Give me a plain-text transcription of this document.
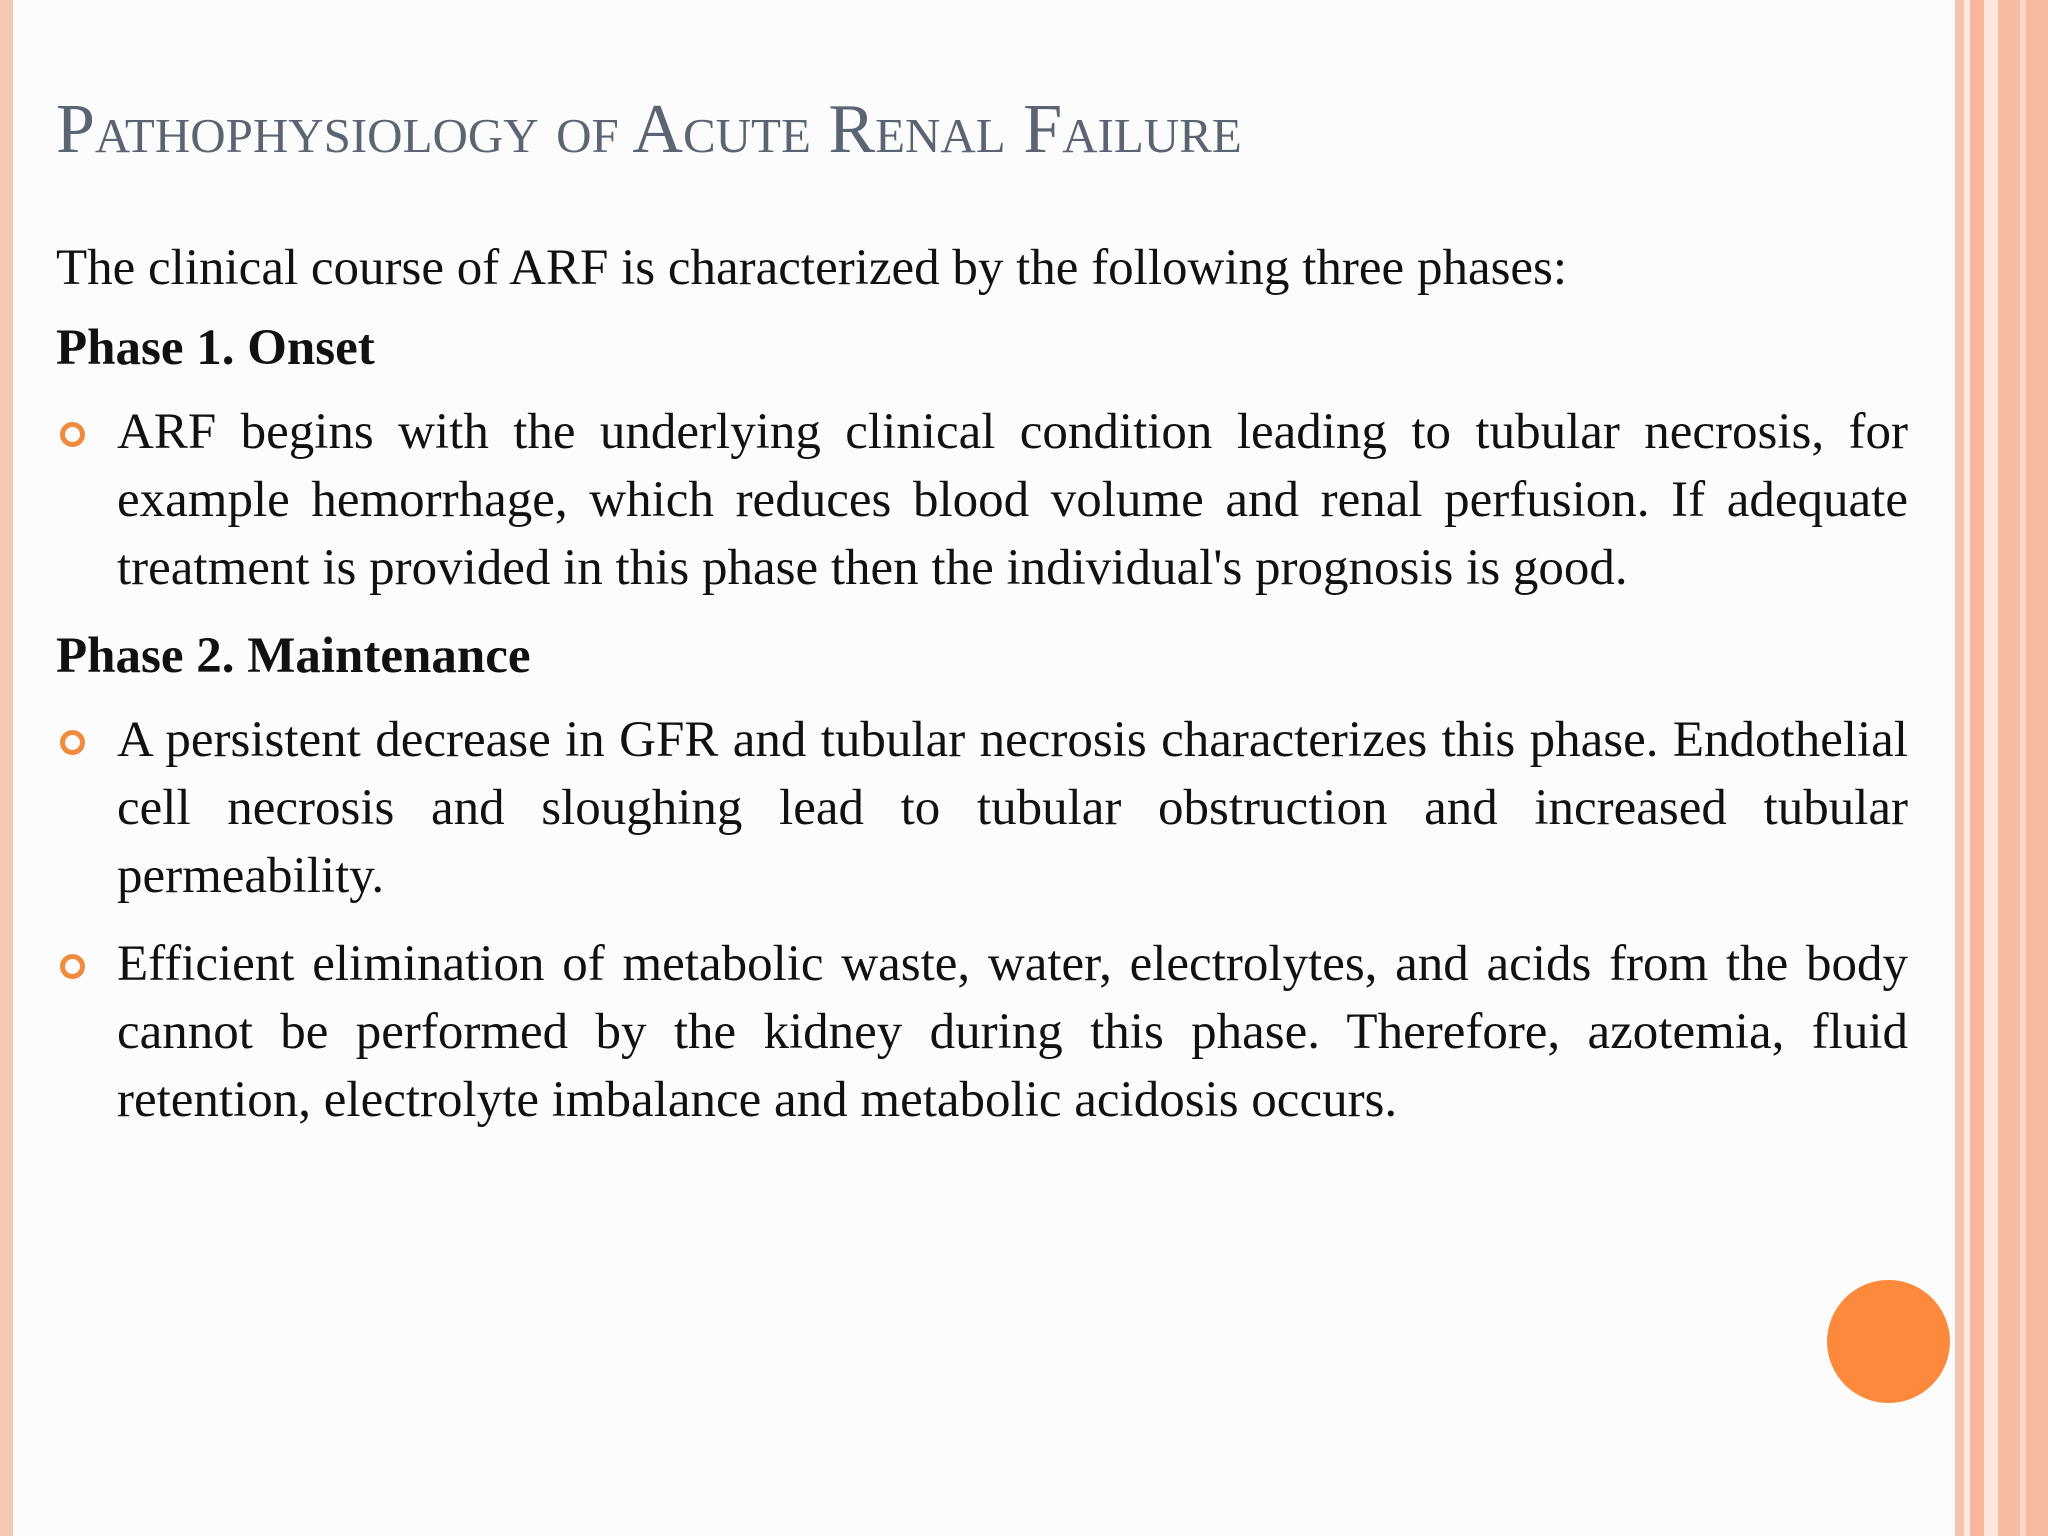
Pathophysiology of Acute Renal Failure

The clinical course of ARF is characterized by the following three phases:

Phase 1. Onset

ARF begins with the underlying clinical condition leading to tubular necrosis, for example hemorrhage, which reduces blood volume and renal perfusion. If adequate treatment is provided in this phase then the individual's prognosis is good.

Phase 2. Maintenance

A persistent decrease in GFR and tubular necrosis characterizes this phase. Endothelial cell necrosis and sloughing lead to tubular obstruction and increased tubular permeability.
Efficient elimination of metabolic waste, water, electrolytes, and acids from the body cannot be performed by the kidney during this phase. Therefore, azotemia, fluid retention, electrolyte imbalance and metabolic acidosis occurs.
